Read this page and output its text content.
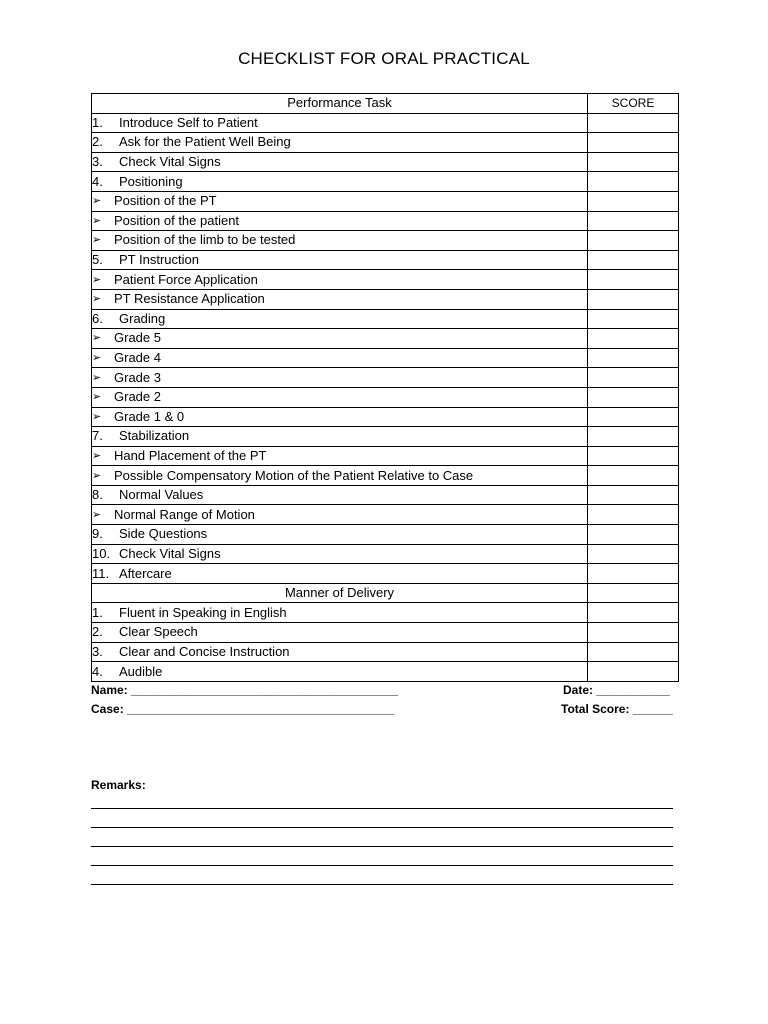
CHECKLIST FOR ORAL PRACTICAL
Performance Task	SCORE
1. Introduce Self to Patient	
2. Ask for the Patient Well Being	
3. Check Vital Signs	
4. Positioning	
➢ Position of the PT	
➢ Position of the patient	
➢ Position of the limb to be tested	
5. PT Instruction	
➢ Patient Force Application	
➢ PT Resistance Application	
6. Grading	
➢ Grade 5	
➢ Grade 4	
➢ Grade 3	
➢ Grade 2	
➢ Grade 1 & 0	
7. Stabilization	
➢ Hand Placement of the PT	
➢ Possible Compensatory Motion of the Patient Relative to Case	
8. Normal Values	
➢ Normal Range of Motion	
9. Side Questions	
10. Check Vital Signs	
11. Aftercare	
Manner of Delivery	
1. Fluent in Speaking in English	
2. Clear Speech	
3. Clear and Concise Instruction	
4. Audible	
Name: ________________________________________	Date: ___________
Case: ________________________________________	Total Score: ______
Remarks:
